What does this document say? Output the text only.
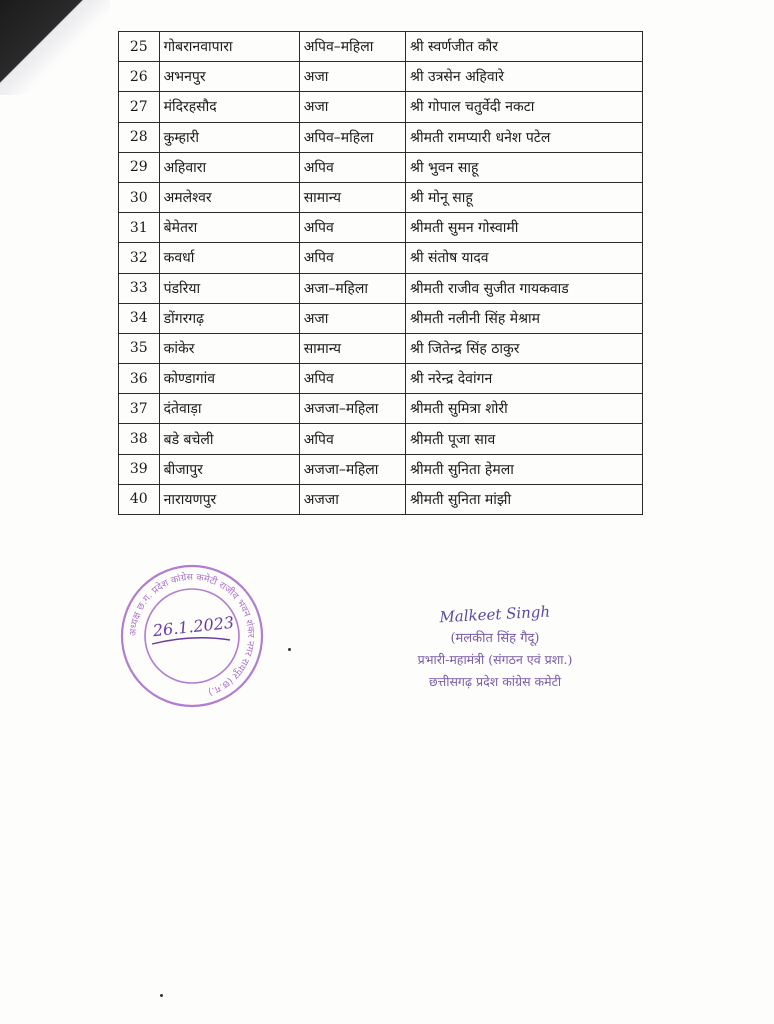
25	गोबरानवापारा	अपिव–महिला	श्री स्वर्णजीत कौर
26	अभनपुर	अजा	श्री उत्रसेन अहिवारे
27	मंदिरहसौद	अजा	श्री गोपाल चतुर्वेदी नकटा
28	कुम्हारी	अपिव–महिला	श्रीमती रामप्यारी धनेश पटेल
29	अहिवारा	अपिव	श्री भुवन साहू
30	अमलेश्वर	सामान्य	श्री मोनू साहू
31	बेमेतरा	अपिव	श्रीमती सुमन गोस्वामी
32	कवर्धा	अपिव	श्री संतोष यादव
33	पंडरिया	अजा–महिला	श्रीमती राजीव सुजीत गायकवाड
34	डोंगरगढ़	अजा	श्रीमती नलीनी सिंह मेश्राम
35	कांकेर	सामान्य	श्री जितेन्द्र सिंह ठाकुर
36	कोण्डागांव	अपिव	श्री नरेन्द्र देवांगन
37	दंतेवाड़ा	अजजा–महिला	श्रीमती सुमित्रा शोरी
38	बडे बचेली	अपिव	श्रीमती पूजा साव
39	बीजापुर	अजजा–महिला	श्रीमती सुनिता हेमला
40	नारायणपुर	अजजा	श्रीमती सुनिता मांझी
अध्यक्ष छ.ग. प्रदेश कांग्रेस कमेटी राजीव भवन शंकर नगर रायपुर (छ.ग.)
26.1.2023	Malkeet Singh
(मलकीत सिंह गैदू)
प्रभारी-महामंत्री (संगठन एवं प्रशा.)
छत्तीसगढ़ प्रदेश कांग्रेस कमेटी
